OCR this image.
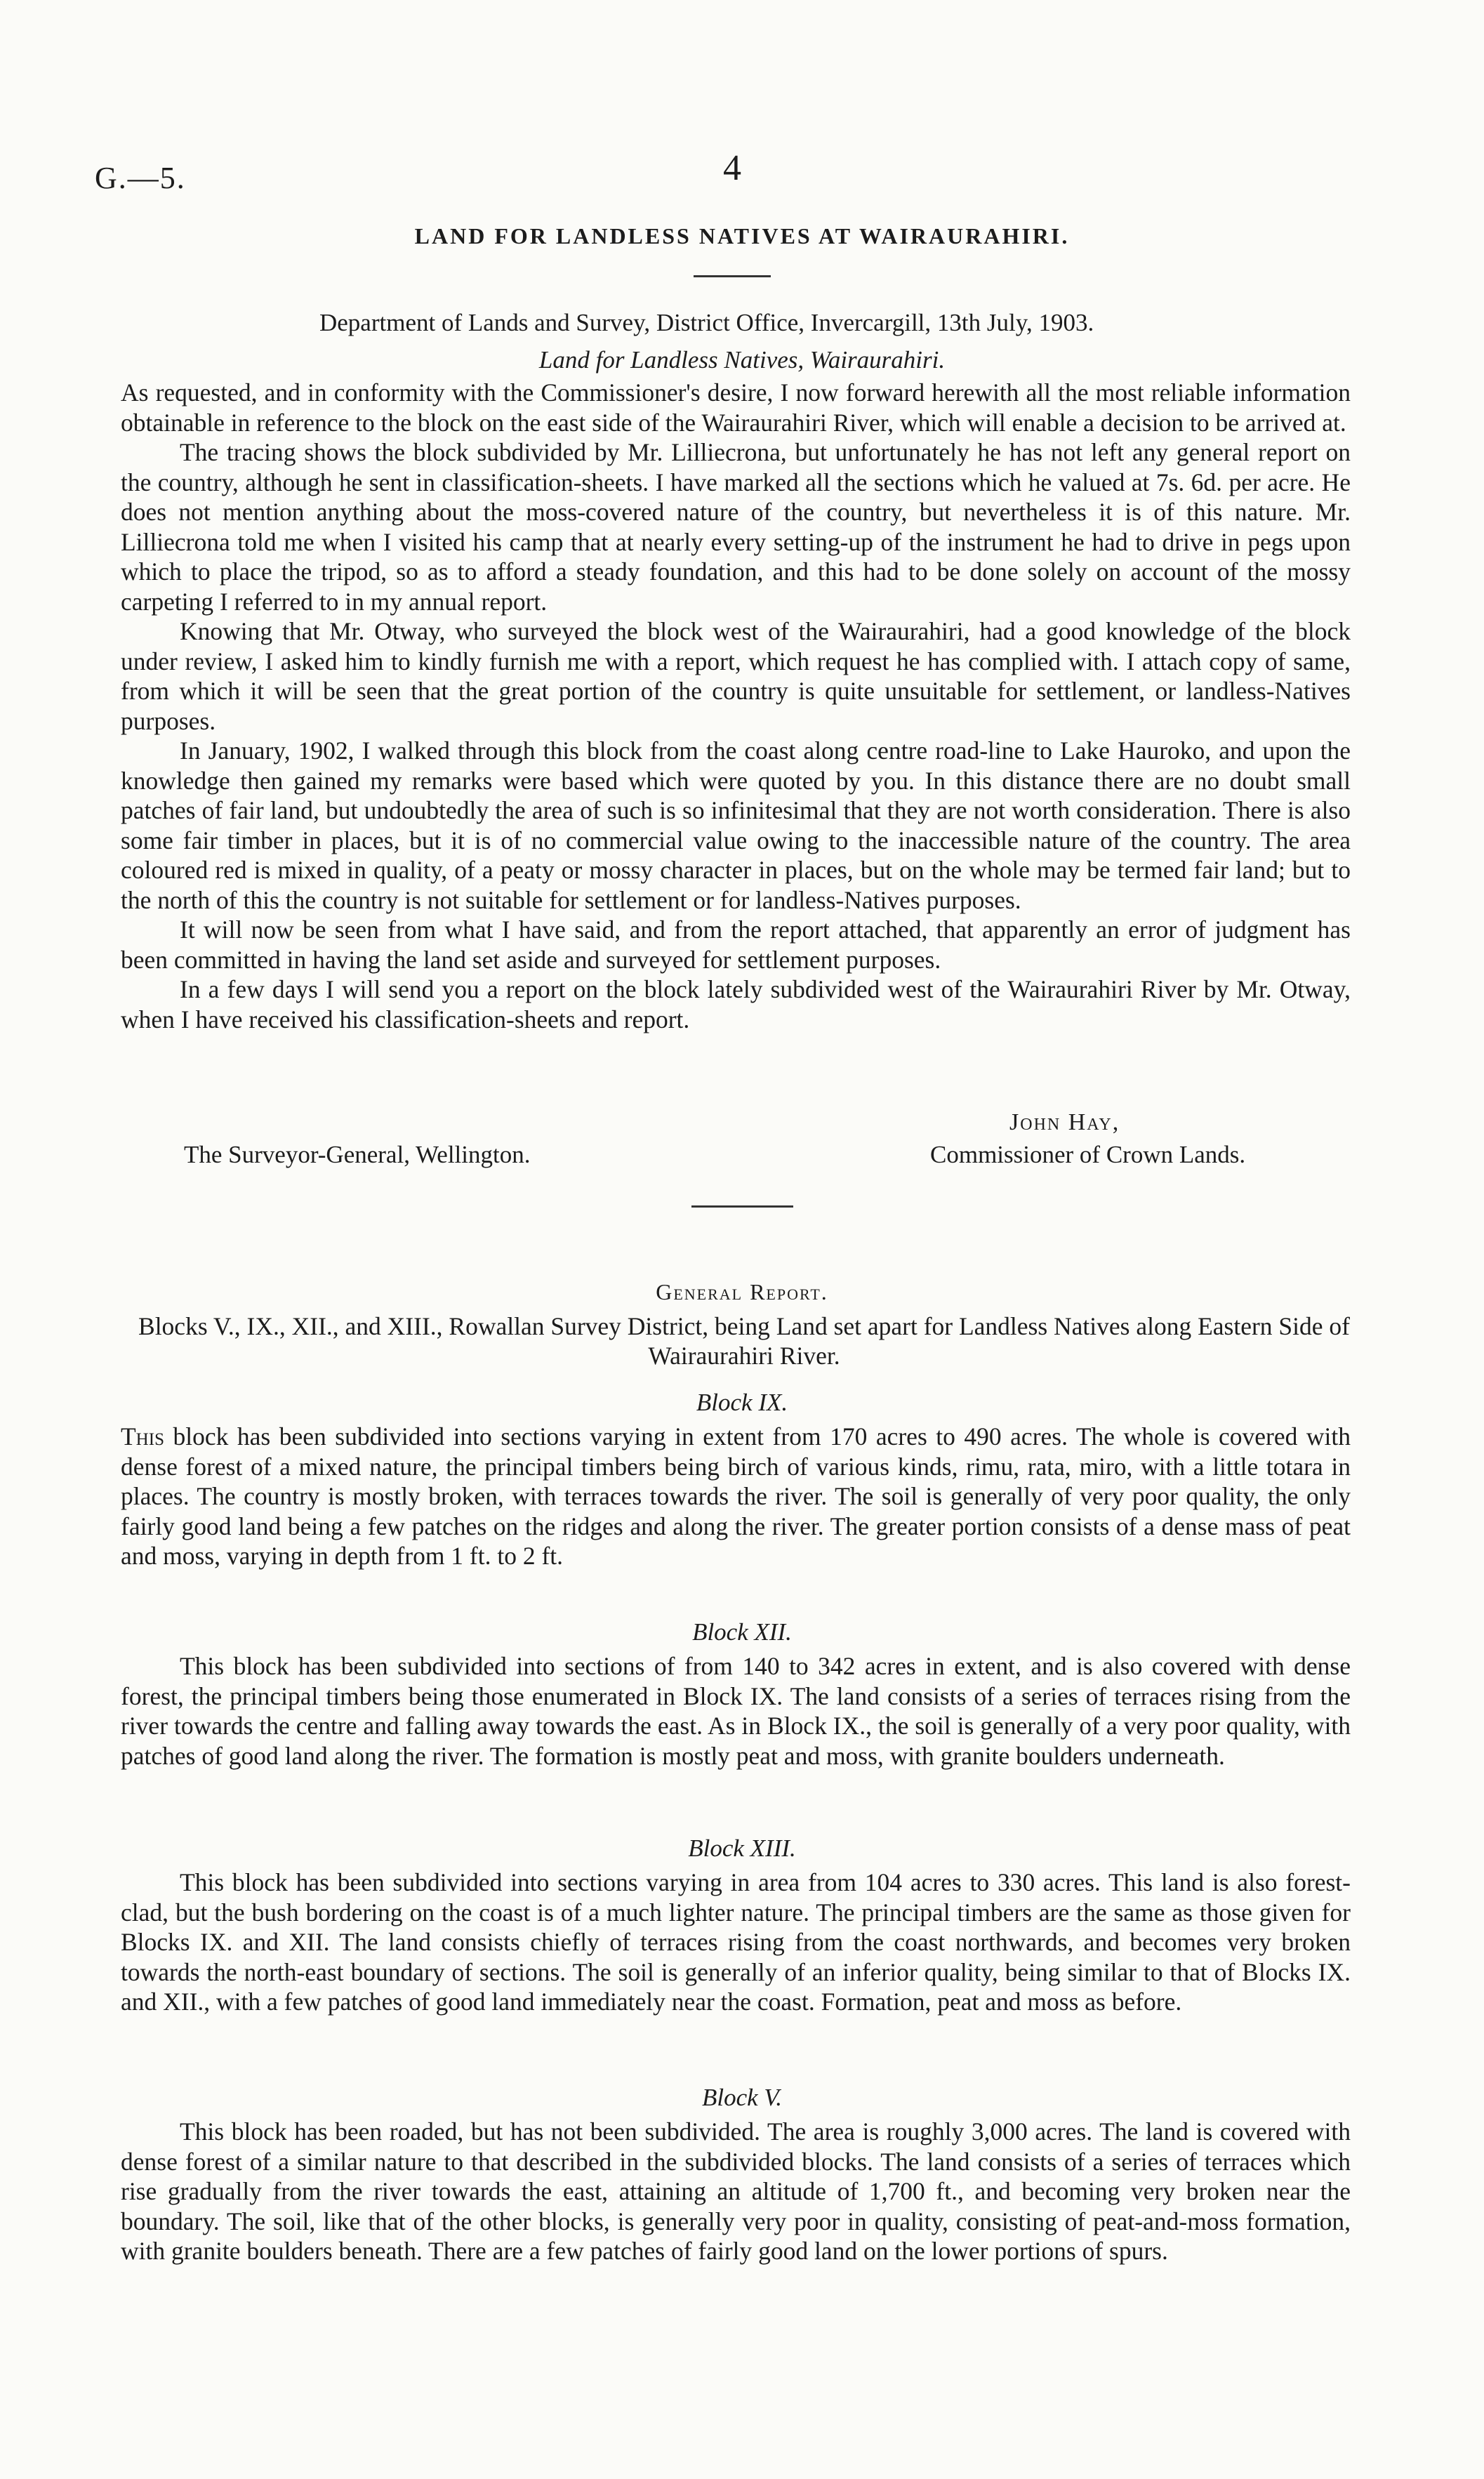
G.—5.	4
LAND FOR LANDLESS NATIVES AT WAIRAURAHIRI.
Department of Lands and Survey, District Office, Invercargill, 13th July, 1903.
Land for Landless Natives, Wairaurahiri.

As requested, and in conformity with the Commissioner's desire, I now forward herewith all the most reliable information obtainable in reference to the block on the east side of the Wairaurahiri River, which will enable a decision to be arrived at.

The tracing shows the block subdivided by Mr. Lilliecrona, but unfortunately he has not left any general report on the country, although he sent in classification-sheets. I have marked all the sections which he valued at 7s. 6d. per acre. He does not mention anything about the moss-covered nature of the country, but nevertheless it is of this nature. Mr. Lilliecrona told me when I visited his camp that at nearly every setting-up of the instrument he had to drive in pegs upon which to place the tripod, so as to afford a steady foundation, and this had to be done solely on account of the mossy carpeting I referred to in my annual report.

Knowing that Mr. Otway, who surveyed the block west of the Wairaurahiri, had a good knowledge of the block under review, I asked him to kindly furnish me with a report, which request he has complied with. I attach copy of same, from which it will be seen that the great portion of the country is quite unsuitable for settlement, or landless-Natives purposes.

In January, 1902, I walked through this block from the coast along centre road-line to Lake Hauroko, and upon the knowledge then gained my remarks were based which were quoted by you. In this distance there are no doubt small patches of fair land, but undoubtedly the area of such is so infinitesimal that they are not worth consideration. There is also some fair timber in places, but it is of no commercial value owing to the inaccessible nature of the country. The area coloured red is mixed in quality, of a peaty or mossy character in places, but on the whole may be termed fair land; but to the north of this the country is not suitable for settlement or for landless-Natives purposes.

It will now be seen from what I have said, and from the report attached, that apparently an error of judgment has been committed in having the land set aside and surveyed for settlement purposes.

In a few days I will send you a report on the block lately subdivided west of the Wairaurahiri River by Mr. Otway, when I have received his classification-sheets and report.

John Hay,
The Surveyor-General, Wellington.	Commissioner of Crown Lands.
General Report.
Blocks V., IX., XII., and XIII., Rowallan Survey District, being Land set apart for Landless Natives along Eastern Side of Wairaurahiri River.
Block IX.

This block has been subdivided into sections varying in extent from 170 acres to 490 acres. The whole is covered with dense forest of a mixed nature, the principal timbers being birch of various kinds, rimu, rata, miro, with a little totara in places. The country is mostly broken, with terraces towards the river. The soil is generally of very poor quality, the only fairly good land being a few patches on the ridges and along the river. The greater portion consists of a dense mass of peat and moss, varying in depth from 1 ft. to 2 ft.

Block XII.

This block has been subdivided into sections of from 140 to 342 acres in extent, and is also covered with dense forest, the principal timbers being those enumerated in Block IX. The land consists of a series of terraces rising from the river towards the centre and falling away towards the east. As in Block IX., the soil is generally of a very poor quality, with patches of good land along the river. The formation is mostly peat and moss, with granite boulders underneath.

Block XIII.

This block has been subdivided into sections varying in area from 104 acres to 330 acres. This land is also forest-clad, but the bush bordering on the coast is of a much lighter nature. The principal timbers are the same as those given for Blocks IX. and XII. The land consists chiefly of terraces rising from the coast northwards, and becomes very broken towards the north-east boundary of sections. The soil is generally of an inferior quality, being similar to that of Blocks IX. and XII., with a few patches of good land immediately near the coast. Formation, peat and moss as before.

Block V.

This block has been roaded, but has not been subdivided. The area is roughly 3,000 acres. The land is covered with dense forest of a similar nature to that described in the subdivided blocks. The land consists of a series of terraces which rise gradually from the river towards the east, attaining an altitude of 1,700 ft., and becoming very broken near the boundary. The soil, like that of the other blocks, is generally very poor in quality, consisting of peat-and-moss formation, with granite boulders beneath. There are a few patches of fairly good land on the lower portions of spurs.
